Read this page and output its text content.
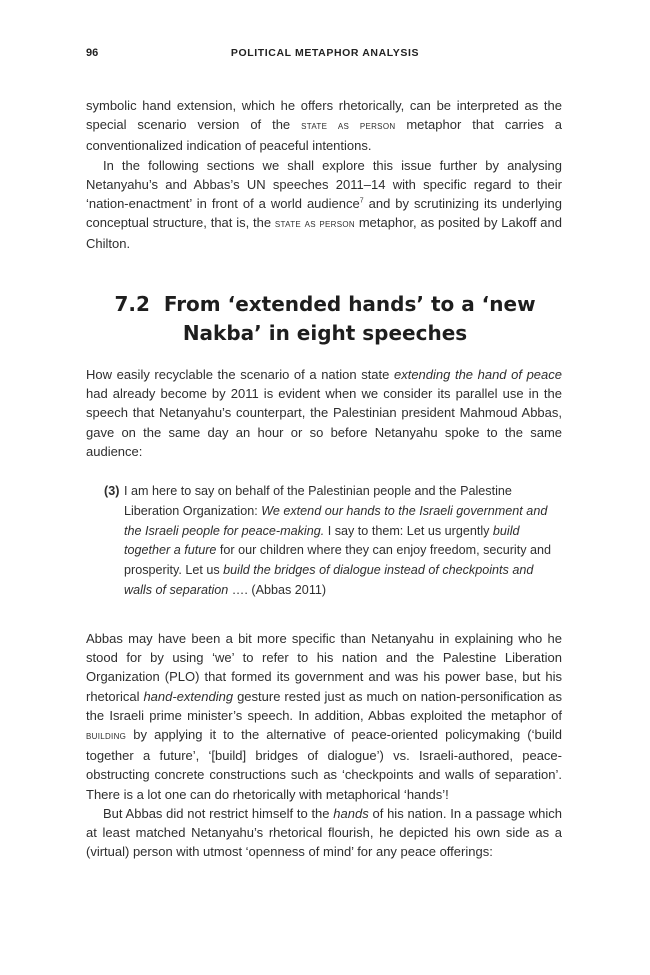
96	POLITICAL METAPHOR ANALYSIS

symbolic hand extension, which he offers rhetorically, can be interpreted as the special scenario version of the state as person metaphor that carries a conventionalized indication of peaceful intentions.

In the following sections we shall explore this issue further by analysing Netanyahu’s and Abbas’s UN speeches 2011–14 with specific regard to their ‘nation-enactment’ in front of a world audience$^7$ and by scrutinizing its underlying conceptual structure, that is, the state as person metaphor, as posited by Lakoff and Chilton.

7.2 From ‘extended hands’ to a ‘new Nakba’ in eight speeches

How easily recyclable the scenario of a nation state extending the hand of peace had already become by 2011 is evident when we consider its parallel use in the speech that Netanyahu’s counterpart, the Palestinian president Mahmoud Abbas, gave on the same day an hour or so before Netanyahu spoke to the same audience:

(3) I am here to say on behalf of the Palestinian people and the Palestine Liberation Organization: We extend our hands to the Israeli government and the Israeli people for peace-making. I say to them: Let us urgently build together a future for our children where they can enjoy freedom, security and prosperity. Let us build the bridges of dialogue instead of checkpoints and walls of separation …. (Abbas 2011)

Abbas may have been a bit more specific than Netanyahu in explaining who he stood for by using ‘we’ to refer to his nation and the Palestine Liberation Organization (PLO) that formed its government and was his power base, but his rhetorical hand-extending gesture rested just as much on nation-personification as the Israeli prime minister’s speech. In addition, Abbas exploited the metaphor of building by applying it to the alternative of peace-oriented policymaking (‘build together a future’, ‘[build] bridges of dialogue’) vs. Israeli-authored, peace-obstructing concrete constructions such as ‘checkpoints and walls of separation’. There is a lot one can do rhetorically with metaphorical ‘hands’!

But Abbas did not restrict himself to the hands of his nation. In a passage which at least matched Netanyahu’s rhetorical flourish, he depicted his own side as a (virtual) person with utmost ‘openness of mind’ for any peace offerings:
